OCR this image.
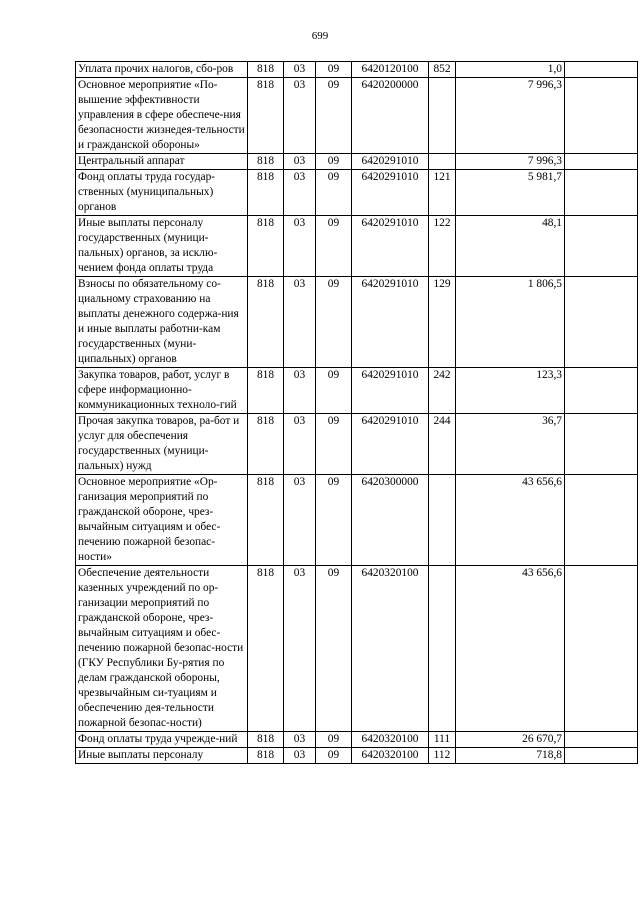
699
Уплата прочих налогов, сбо-ров	818	03	09	6420120100	852	1,0	
Основное мероприятие «По-вышение эффективности управления в сфере обеспече-ния безопасности жизнедея-тельности и гражданской обороны»	818	03	09	6420200000		7 996,3	
Центральный аппарат	818	03	09	6420291010		7 996,3	
Фонд оплаты труда государ-ственных (муниципальных) органов	818	03	09	6420291010	121	5 981,7	
Иные выплаты персоналу государственных (муници-пальных) органов, за исклю-чением фонда оплаты труда	818	03	09	6420291010	122	48,1	
Взносы по обязательному со-циальному страхованию на выплаты денежного содержа-ния и иные выплаты работни-кам государственных (муни-ципальных) органов	818	03	09	6420291010	129	1 806,5	
Закупка товаров, работ, услуг в сфере информационно-коммуникационных техноло-гий	818	03	09	6420291010	242	123,3	
Прочая закупка товаров, ра-бот и услуг для обеспечения государственных (муници-пальных) нужд	818	03	09	6420291010	244	36,7	
Основное мероприятие «Ор-ганизация мероприятий по гражданской обороне, чрез-вычайным ситуациям и обес-печению пожарной безопас-ности»	818	03	09	6420300000		43 656,6	
Обеспечение деятельности казенных учреждений по ор-ганизации мероприятий по гражданской обороне, чрез-вычайным ситуациям и обес-печению пожарной безопас-ности (ГКУ Республики Бу-рятия по делам гражданской обороны, чрезвычайным си-туациям и обеспечению дея-тельности пожарной безопас-ности)	818	03	09	6420320100		43 656,6	
Фонд оплаты труда учрежде-ний	818	03	09	6420320100	111	26 670,7	
Иные выплаты персоналу	818	03	09	6420320100	112	718,8	
